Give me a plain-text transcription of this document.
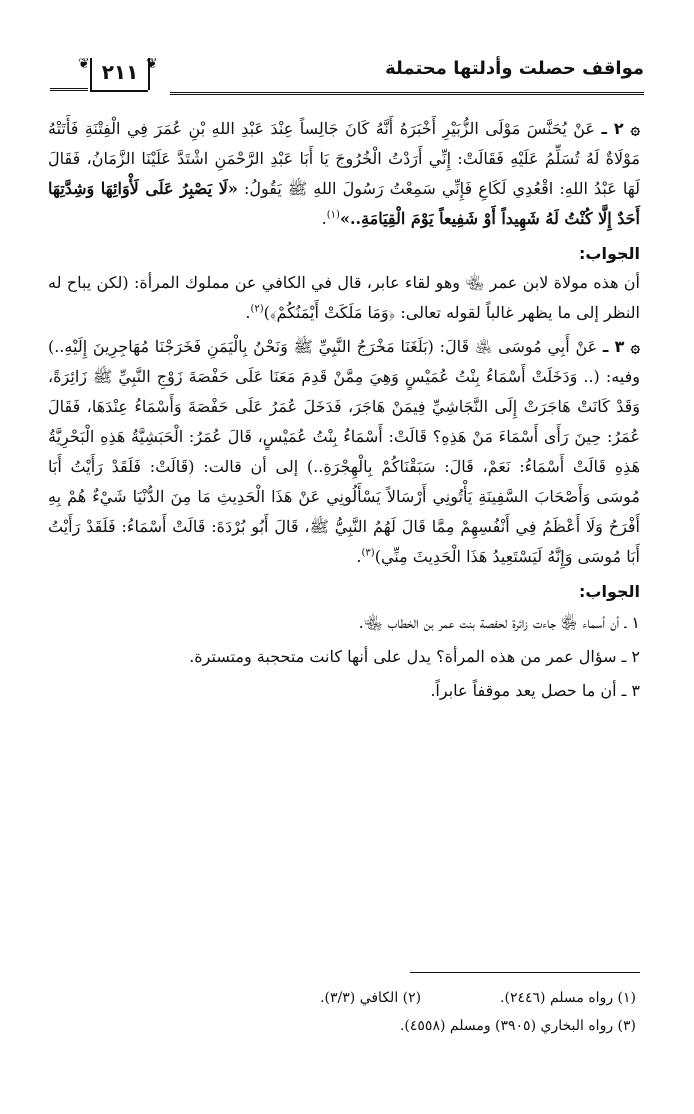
مواقف حصلت وأدلتها محتملة
❦	❦
٢١١

۞ ٢ ـ عَنْ يُحَنَّسَ مَوْلَى الزُّبَيْرِ أَخْبَرَهُ أَنَّهُ كَانَ جَالِساً عِنْدَ عَبْدِ اللهِ بْنِ عُمَرَ فِي الْفِتْنَةِ فَأَتَتْهُ مَوْلَاةٌ لَهُ تُسَلِّمُ عَلَيْهِ فَقَالَتْ: إِنِّي أَرَدْتُ الْخُرُوجَ يَا أَبَا عَبْدِ الرَّحْمَنِ اشْتَدَّ عَلَيْنَا الزَّمَانُ، فَقَالَ لَهَا عَبْدُ اللهِ: اقْعُدِي لَكَاعِ فَإِنِّي سَمِعْتُ رَسُولَ اللهِ ﷺ يَقُولُ: «لَا يَصْبِرُ عَلَى لَأْوَائِهَا وَشِدَّتِهَا أَحَدٌ إِلَّا كُنْتُ لَهُ شَهِيداً أَوْ شَفِيعاً يَوْمَ الْقِيَامَةِ..»$^{(١)}$.

الجواب:

أن هذه مولاة لابن عمر ﵄ وهو لقاء عابر، قال في الكافي عن مملوك المرأة: (لكن يباح له النظر إلى ما يظهر غالباً لقوله تعالى: ﴿وَمَا مَلَكَتْ أَيْمَنُكُمْ﴾)$^{(٢)}$.

۞ ٣ ـ عَنْ أَبِي مُوسَى ﵁ قَالَ: (بَلَغَنَا مَخْرَجُ النَّبِيِّ ﷺ وَنَحْنُ بِالْيَمَنِ فَخَرَجْنَا مُهَاجِرِينَ إِلَيْهِ..) وفيه: (.. وَدَخَلَتْ أَسْمَاءُ بِنْتُ عُمَيْسٍ وَهِيَ مِمَّنْ قَدِمَ مَعَنَا عَلَى حَفْصَةَ زَوْجِ النَّبِيِّ ﷺ زَائِرَةً، وَقَدْ كَانَتْ هَاجَرَتْ إِلَى النَّجَاشِيِّ فِيمَنْ هَاجَرَ، فَدَخَلَ عُمَرُ عَلَى حَفْصَةَ وَأَسْمَاءُ عِنْدَهَا، فَقَالَ عُمَرُ: حِينَ رَأَى أَسْمَاءَ مَنْ هَذِهِ؟ قَالَتْ: أَسْمَاءُ بِنْتُ عُمَيْسٍ، قَالَ عُمَرُ: الْحَبَشِيَّةُ هَذِهِ الْبَحْرِيَّةُ هَذِهِ قَالَتْ أَسْمَاءُ: نَعَمْ، قَالَ: سَبَقْنَاكُمْ بِالْهِجْرَةِ..) إلى أن قالت: (قَالَتْ: فَلَقَدْ رَأَيْتُ أَبَا مُوسَى وَأَصْحَابَ السَّفِينَةِ يَأْتُونِي أَرْسَالاً يَسْأَلُونِي عَنْ هَذَا الْحَدِيثِ مَا مِنَ الدُّنْيَا شَيْءٌ هُمْ بِهِ أَفْرَحُ وَلَا أَعْظَمُ فِي أَنْفُسِهِمْ مِمَّا قَالَ لَهُمُ النَّبِيُّ ﷺ، قَالَ أَبُو بُرْدَةَ: قَالَتْ أَسْمَاءُ: فَلَقَدْ رَأَيْتُ أَبَا مُوسَى وَإِنَّهُ لَيَسْتَعِيدُ هَذَا الْحَدِيثَ مِنِّي)$^{(٣)}$.

الجواب:

١ ـ أن أسماء ﵂ جاءت زائرة لحفصة بنت عمر بن الخطاب ﵄.

٢ ـ سؤال عمر من هذه المرأة؟ يدل على أنها كانت متحجبة ومتسترة.

٣ ـ أن ما حصل يعد موقفاً عابراً.

(١) رواه مسلم (٢٤٤٦).  (٢) الكافي (٣/٣).
(٣) رواه البخاري (٣٩٠٥) ومسلم (٤٥٥٨).
